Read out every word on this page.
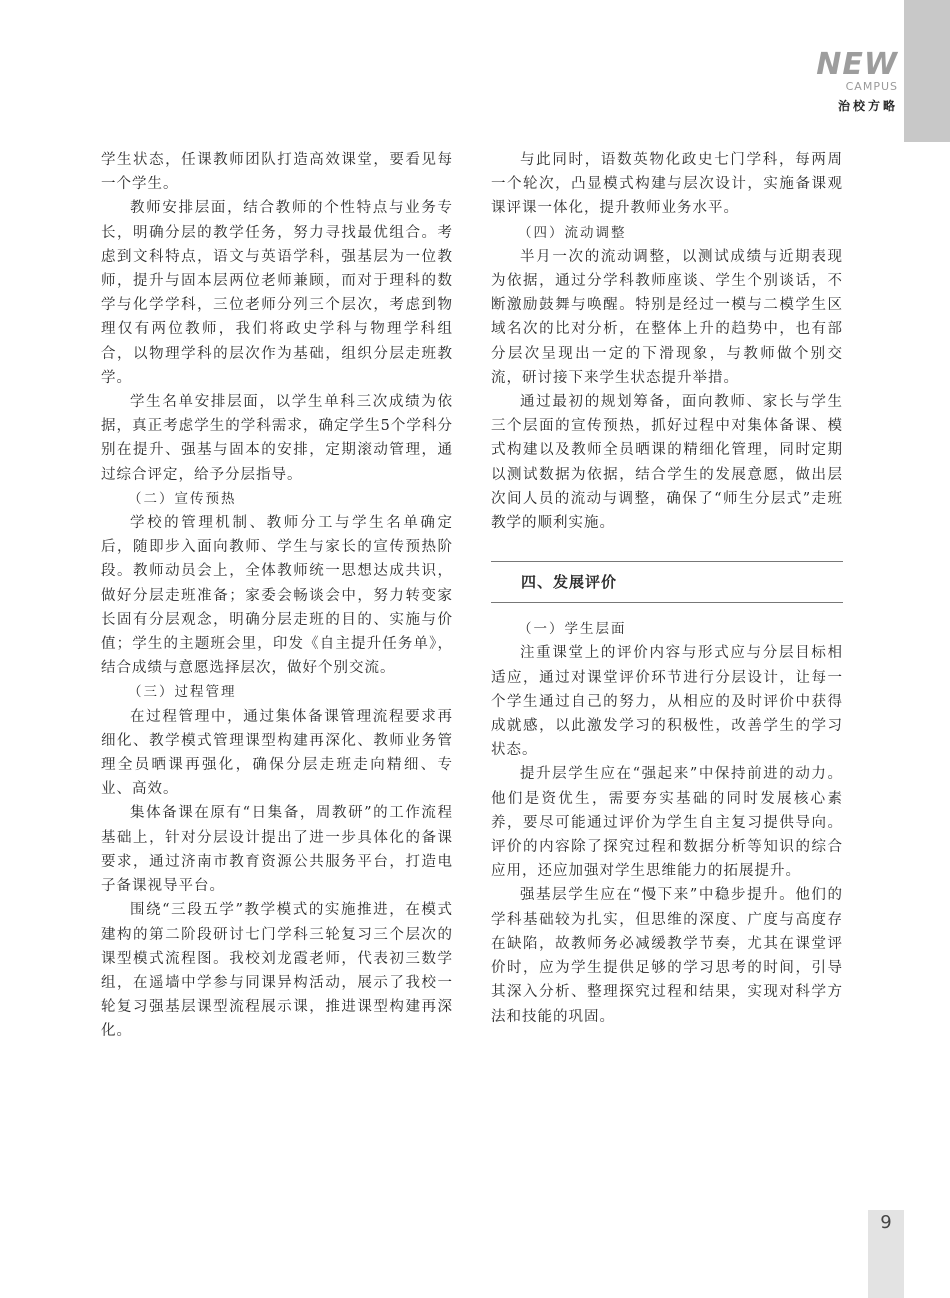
NEW
CAMPUS
治校方略

学生状态，任课教师团队打造高效课堂，要看见每一个学生。

教师安排层面，结合教师的个性特点与业务专长，明确分层的教学任务，努力寻找最优组合。考虑到文科特点，语文与英语学科，强基层为一位教师，提升与固本层两位老师兼顾，而对于理科的数学与化学学科，三位老师分列三个层次，考虑到物理仅有两位教师，我们将政史学科与物理学科组合，以物理学科的层次作为基础，组织分层走班教学。

学生名单安排层面，以学生单科三次成绩为依据，真正考虑学生的学科需求，确定学生5个学科分别在提升、强基与固本的安排，定期滚动管理，通过综合评定，给予分层指导。

（二）宣传预热

学校的管理机制、教师分工与学生名单确定后，随即步入面向教师、学生与家长的宣传预热阶段。教师动员会上，全体教师统一思想达成共识，做好分层走班准备；家委会畅谈会中，努力转变家长固有分层观念，明确分层走班的目的、实施与价值；学生的主题班会里，印发《自主提升任务单》，结合成绩与意愿选择层次，做好个别交流。

（三）过程管理

在过程管理中，通过集体备课管理流程要求再细化、教学模式管理课型构建再深化、教师业务管理全员晒课再强化，确保分层走班走向精细、专业、高效。

集体备课在原有“日集备，周教研”的工作流程基础上，针对分层设计提出了进一步具体化的备课要求，通过济南市教育资源公共服务平台，打造电子备课视导平台。

围绕“三段五学”教学模式的实施推进，在模式建构的第二阶段研讨七门学科三轮复习三个层次的课型模式流程图。我校刘龙霞老师，代表初三数学组，在遥墙中学参与同课异构活动，展示了我校一轮复习强基层课型流程展示课，推进课型构建再深化。

与此同时，语数英物化政史七门学科，每两周一个轮次，凸显模式构建与层次设计，实施备课观课评课一体化，提升教师业务水平。

（四）流动调整

半月一次的流动调整，以测试成绩与近期表现为依据，通过分学科教师座谈、学生个别谈话，不断激励鼓舞与唤醒。特别是经过一模与二模学生区域名次的比对分析，在整体上升的趋势中，也有部分层次呈现出一定的下滑现象，与教师做个别交流，研讨接下来学生状态提升举措。

通过最初的规划筹备，面向教师、家长与学生三个层面的宣传预热，抓好过程中对集体备课、模式构建以及教师全员晒课的精细化管理，同时定期以测试数据为依据，结合学生的发展意愿，做出层次间人员的流动与调整，确保了“师生分层式”走班教学的顺利实施。

四、发展评价

（一）学生层面

注重课堂上的评价内容与形式应与分层目标相适应，通过对课堂评价环节进行分层设计，让每一个学生通过自己的努力，从相应的及时评价中获得成就感，以此激发学习的积极性，改善学生的学习状态。

提升层学生应在“强起来”中保持前进的动力。他们是资优生，需要夯实基础的同时发展核心素养，要尽可能通过评价为学生自主复习提供导向。评价的内容除了探究过程和数据分析等知识的综合应用，还应加强对学生思维能力的拓展提升。

强基层学生应在“慢下来”中稳步提升。他们的学科基础较为扎实，但思维的深度、广度与高度存在缺陷，故教师务必减缓教学节奏，尤其在课堂评价时，应为学生提供足够的学习思考的时间，引导其深入分析、整理探究过程和结果，实现对科学方法和技能的巩固。

9
